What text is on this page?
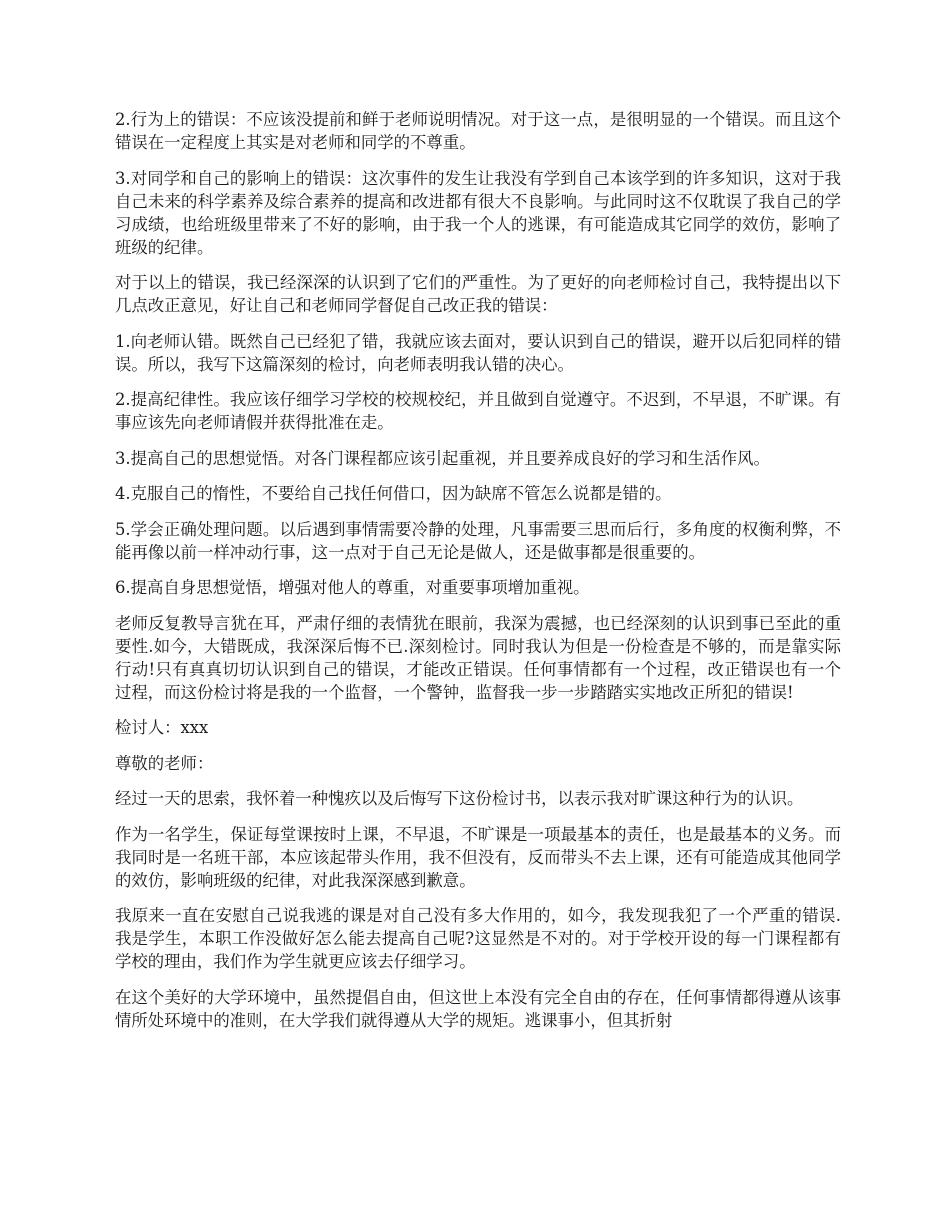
2.行为上的错误：不应该没提前和鲜于老师说明情况。对于这一点，是很明显的一个错误。而且这个错误在一定程度上其实是对老师和同学的不尊重。

3.对同学和自己的影响上的错误：这次事件的发生让我没有学到自己本该学到的许多知识，这对于我自己未来的科学素养及综合素养的提高和改进都有很大不良影响。与此同时这不仅耽误了我自己的学习成绩，也给班级里带来了不好的影响，由于我一个人的逃课，有可能造成其它同学的效仿，影响了班级的纪律。

对于以上的错误，我已经深深的认识到了它们的严重性。为了更好的向老师检讨自己，我特提出以下几点改正意见，好让自己和老师同学督促自己改正我的错误：

1.向老师认错。既然自己已经犯了错，我就应该去面对，要认识到自己的错误，避开以后犯同样的错误。所以，我写下这篇深刻的检讨，向老师表明我认错的决心。

2.提高纪律性。我应该仔细学习学校的校规校纪，并且做到自觉遵守。不迟到，不早退，不旷课。有事应该先向老师请假并获得批准在走。

3.提高自己的思想觉悟。对各门课程都应该引起重视，并且要养成良好的学习和生活作风。

4.克服自己的惰性，不要给自己找任何借口，因为缺席不管怎么说都是错的。

5.学会正确处理问题。以后遇到事情需要冷静的处理，凡事需要三思而后行，多角度的权衡利弊，不能再像以前一样冲动行事，这一点对于自己无论是做人，还是做事都是很重要的。

6.提高自身思想觉悟，增强对他人的尊重，对重要事项增加重视。

老师反复教导言犹在耳，严肃仔细的表情犹在眼前，我深为震撼，也已经深刻的认识到事已至此的重要性.如今，大错既成，我深深后悔不已.深刻检讨。同时我认为但是一份检查是不够的，而是靠实际行动!只有真真切切认识到自己的错误，才能改正错误。任何事情都有一个过程，改正错误也有一个过程，而这份检讨将是我的一个监督，一个警钟，监督我一步一步踏踏实实地改正所犯的错误!

检讨人：xxx

尊敬的老师：

经过一天的思索，我怀着一种愧疚以及后悔写下这份检讨书，以表示我对旷课这种行为的认识。

作为一名学生，保证每堂课按时上课，不早退，不旷课是一项最基本的责任，也是最基本的义务。而我同时是一名班干部，本应该起带头作用，我不但没有，反而带头不去上课，还有可能造成其他同学的效仿，影响班级的纪律，对此我深深感到歉意。

我原来一直在安慰自己说我逃的课是对自己没有多大作用的，如今，我发现我犯了一个严重的错误.我是学生，本职工作没做好怎么能去提高自己呢?这显然是不对的。对于学校开设的每一门课程都有学校的理由，我们作为学生就更应该去仔细学习。

在这个美好的大学环境中，虽然提倡自由，但这世上本没有完全自由的存在，任何事情都得遵从该事情所处环境中的准则，在大学我们就得遵从大学的规矩。逃课事小，但其折射
